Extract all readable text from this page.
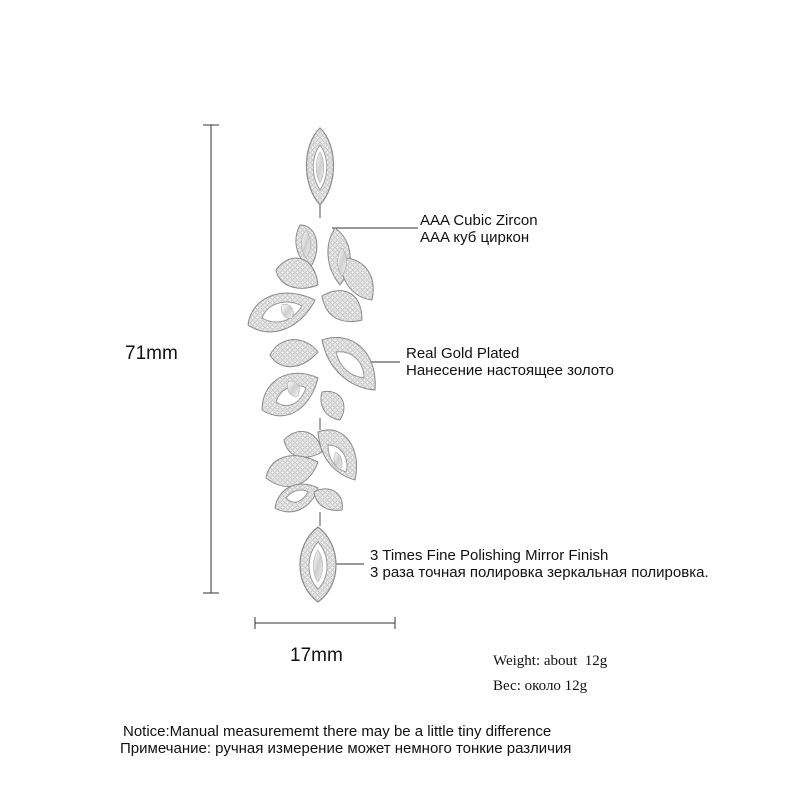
71mm
17mm
AAA Cubic Zircon
AAA куб циркон
Real Gold Plated
Нанесение настоящее золото
3 Times Fine Polishing Mirror Finish
3 раза точная полировка зеркальная полировка.
Weight: about  12g
Вес: около 12g
Notice:Manual measurememt there may be a little tiny difference
Примечание: ручная измерение может немного тонкие различия
